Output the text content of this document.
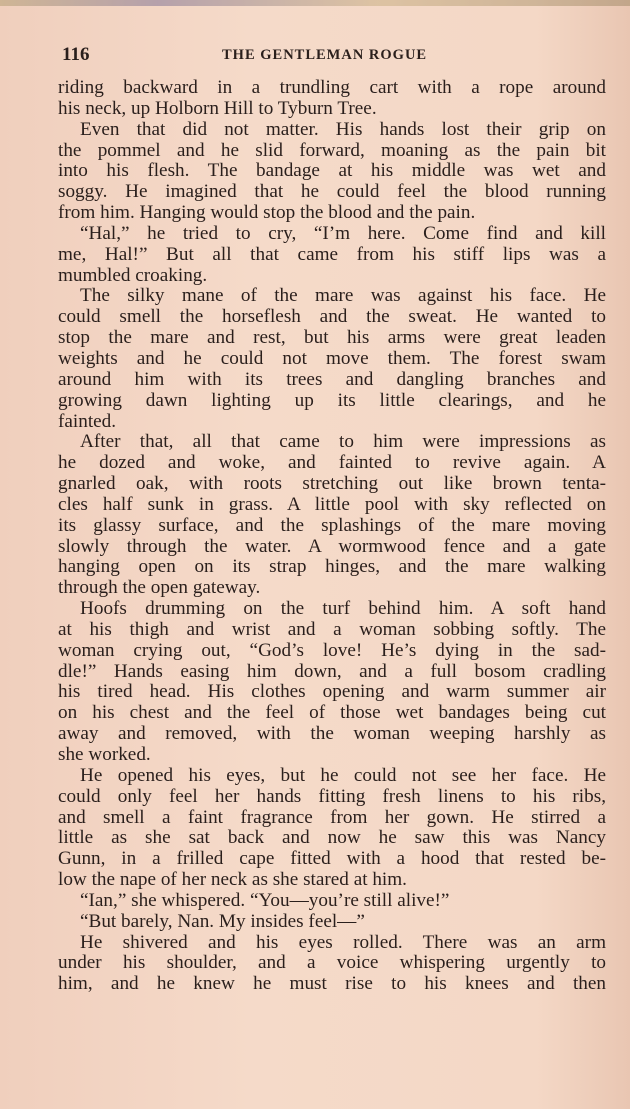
116	THE GENTLEMAN ROGUE
riding backward in a trundling cart with a rope around
his neck, up Holborn Hill to Tyburn Tree.
Even that did not matter. His hands lost their grip on
the pommel and he slid forward, moaning as the pain bit
into his flesh. The bandage at his middle was wet and
soggy. He imagined that he could feel the blood running
from him. Hanging would stop the blood and the pain.
“Hal,” he tried to cry, “I’m here. Come find and kill
me, Hal!” But all that came from his stiff lips was a
mumbled croaking.
The silky mane of the mare was against his face. He
could smell the horseflesh and the sweat. He wanted to
stop the mare and rest, but his arms were great leaden
weights and he could not move them. The forest swam
around him with its trees and dangling branches and
growing dawn lighting up its little clearings, and he
fainted.
After that, all that came to him were impressions as
he dozed and woke, and fainted to revive again. A
gnarled oak, with roots stretching out like brown tenta-
cles half sunk in grass. A little pool with sky reflected on
its glassy surface, and the splashings of the mare moving
slowly through the water. A wormwood fence and a gate
hanging open on its strap hinges, and the mare walking
through the open gateway.
Hoofs drumming on the turf behind him. A soft hand
at his thigh and wrist and a woman sobbing softly. The
woman crying out, “God’s love! He’s dying in the sad-
dle!” Hands easing him down, and a full bosom cradling
his tired head. His clothes opening and warm summer air
on his chest and the feel of those wet bandages being cut
away and removed, with the woman weeping harshly as
she worked.
He opened his eyes, but he could not see her face. He
could only feel her hands fitting fresh linens to his ribs,
and smell a faint fragrance from her gown. He stirred a
little as she sat back and now he saw this was Nancy
Gunn, in a frilled cape fitted with a hood that rested be-
low the nape of her neck as she stared at him.
“Ian,” she whispered. “You—you’re still alive!”
“But barely, Nan. My insides feel—”
He shivered and his eyes rolled. There was an arm
under his shoulder, and a voice whispering urgently to
him, and he knew he must rise to his knees and then
